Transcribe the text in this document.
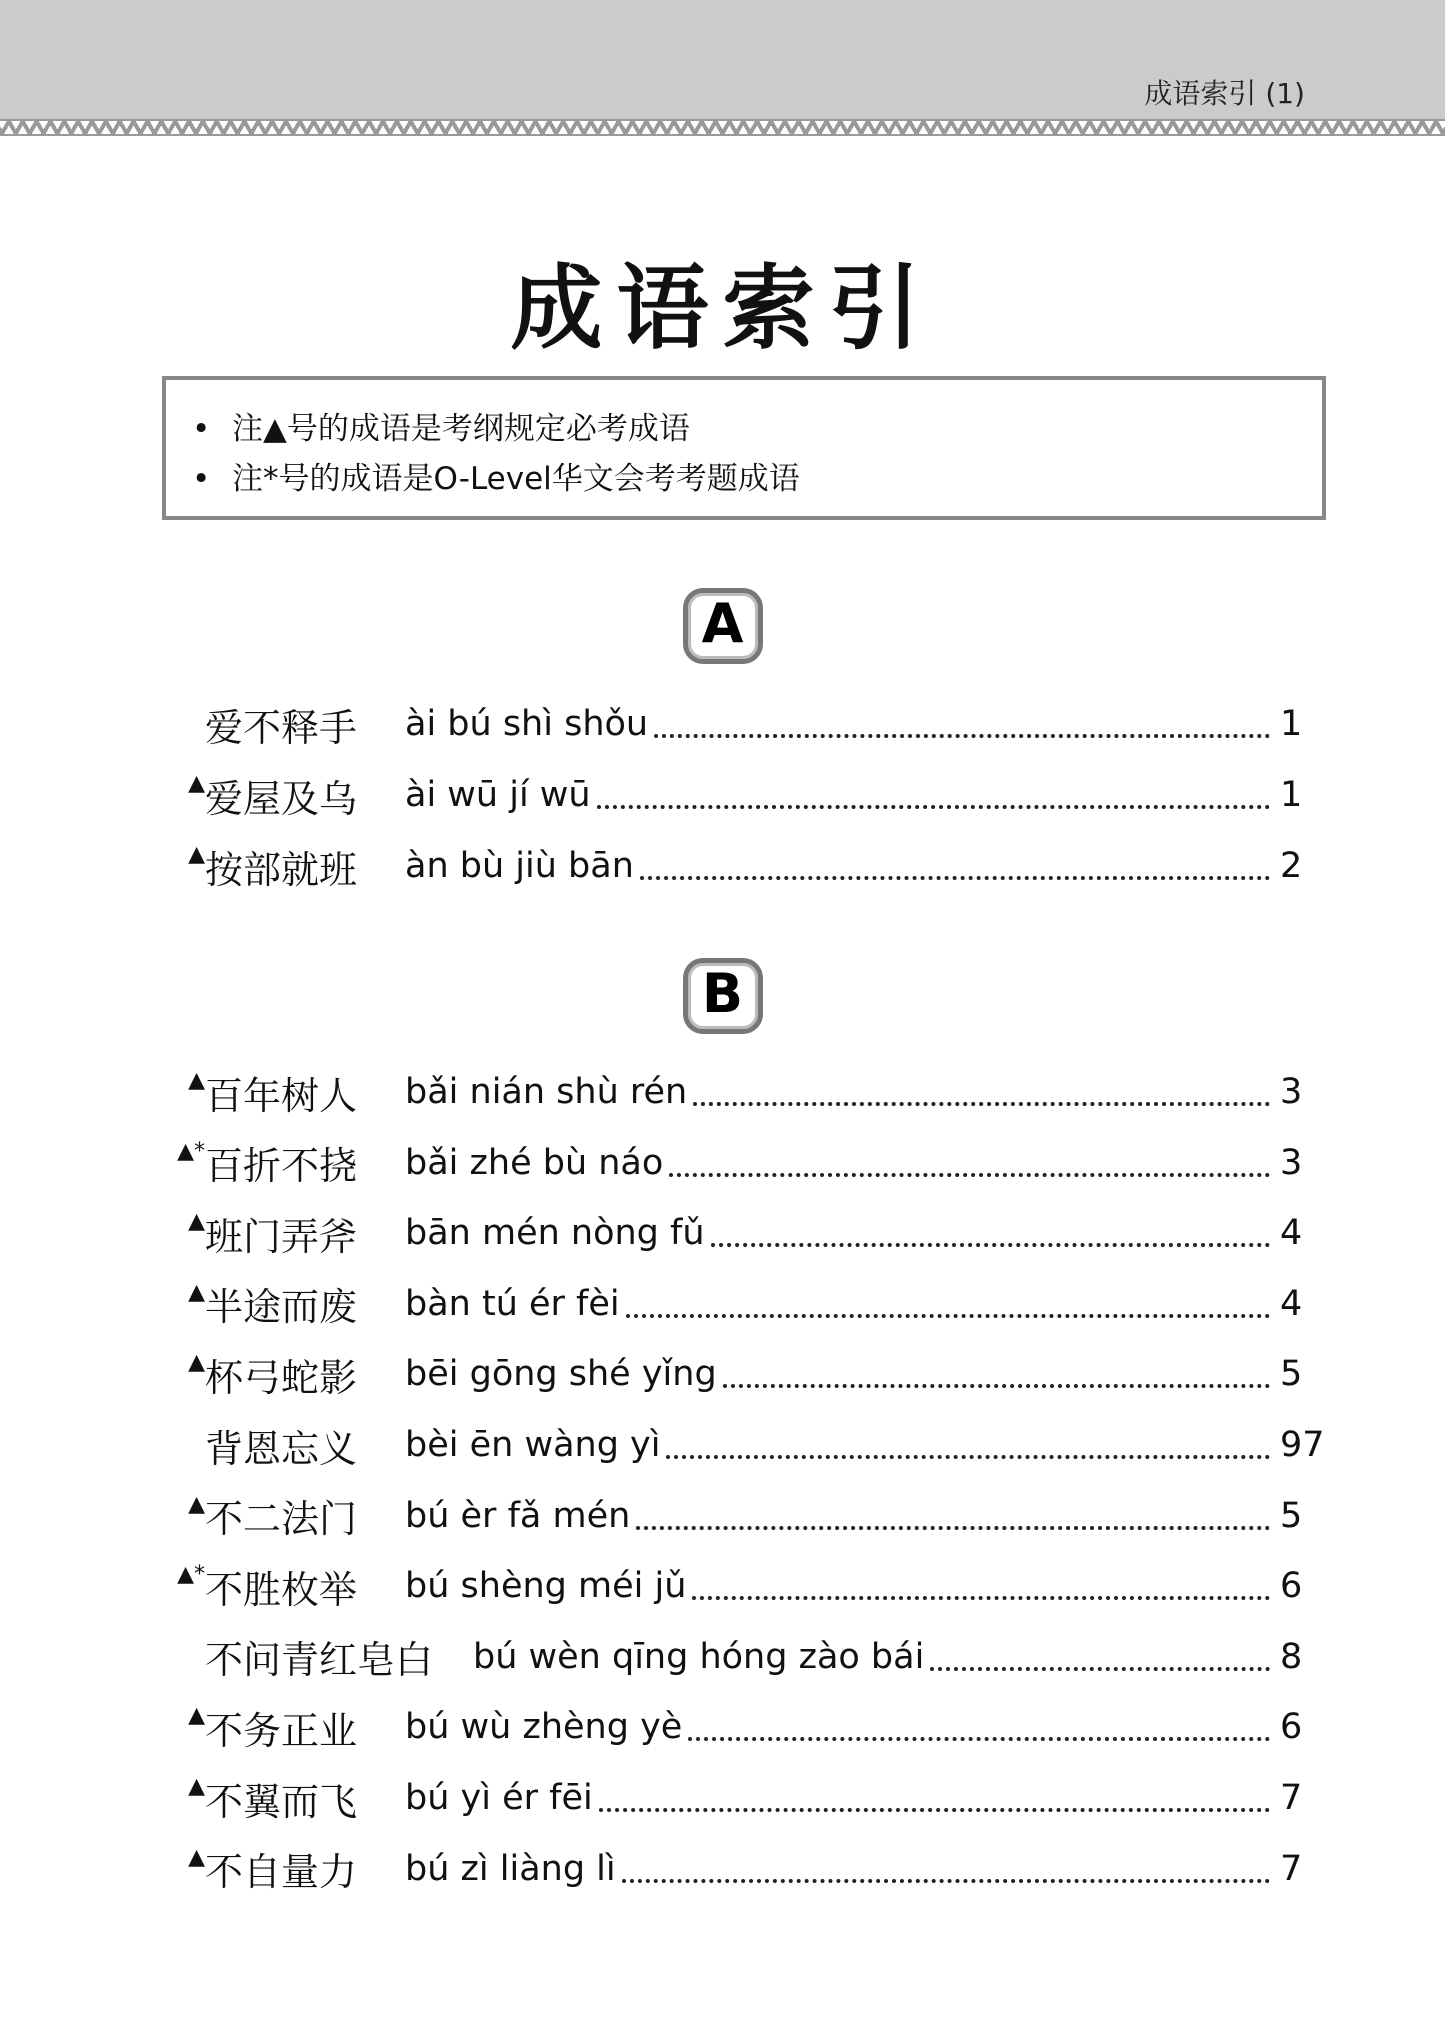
成语索引 (1)
成语索引
• 注▲号的成语是考纲规定必考成语
• 注*号的成语是O-Level华文会考考题成语
A
爱不释手	ài bú shì shǒu	1
▲ 爱屋及乌	ài wū jí wū	1
▲ 按部就班	àn bù jiù bān	2
B
▲ 百年树人	bǎi nián shù rén	3
▲* 百折不挠	bǎi zhé bù náo	3
▲ 班门弄斧	bān mén nòng fǔ	4
▲ 半途而废	bàn tú ér fèi	4
▲ 杯弓蛇影	bēi gōng shé yǐng	5
背恩忘义	bèi ēn wàng yì	97
▲ 不二法门	bú èr fǎ mén	5
▲* 不胜枚举	bú shèng méi jǔ	6
不问青红皂白	bú wèn qīng hóng zào bái	8
▲ 不务正业	bú wù zhèng yè	6
▲ 不翼而飞	bú yì ér fēi	7
▲ 不自量力	bú zì liàng lì	7
